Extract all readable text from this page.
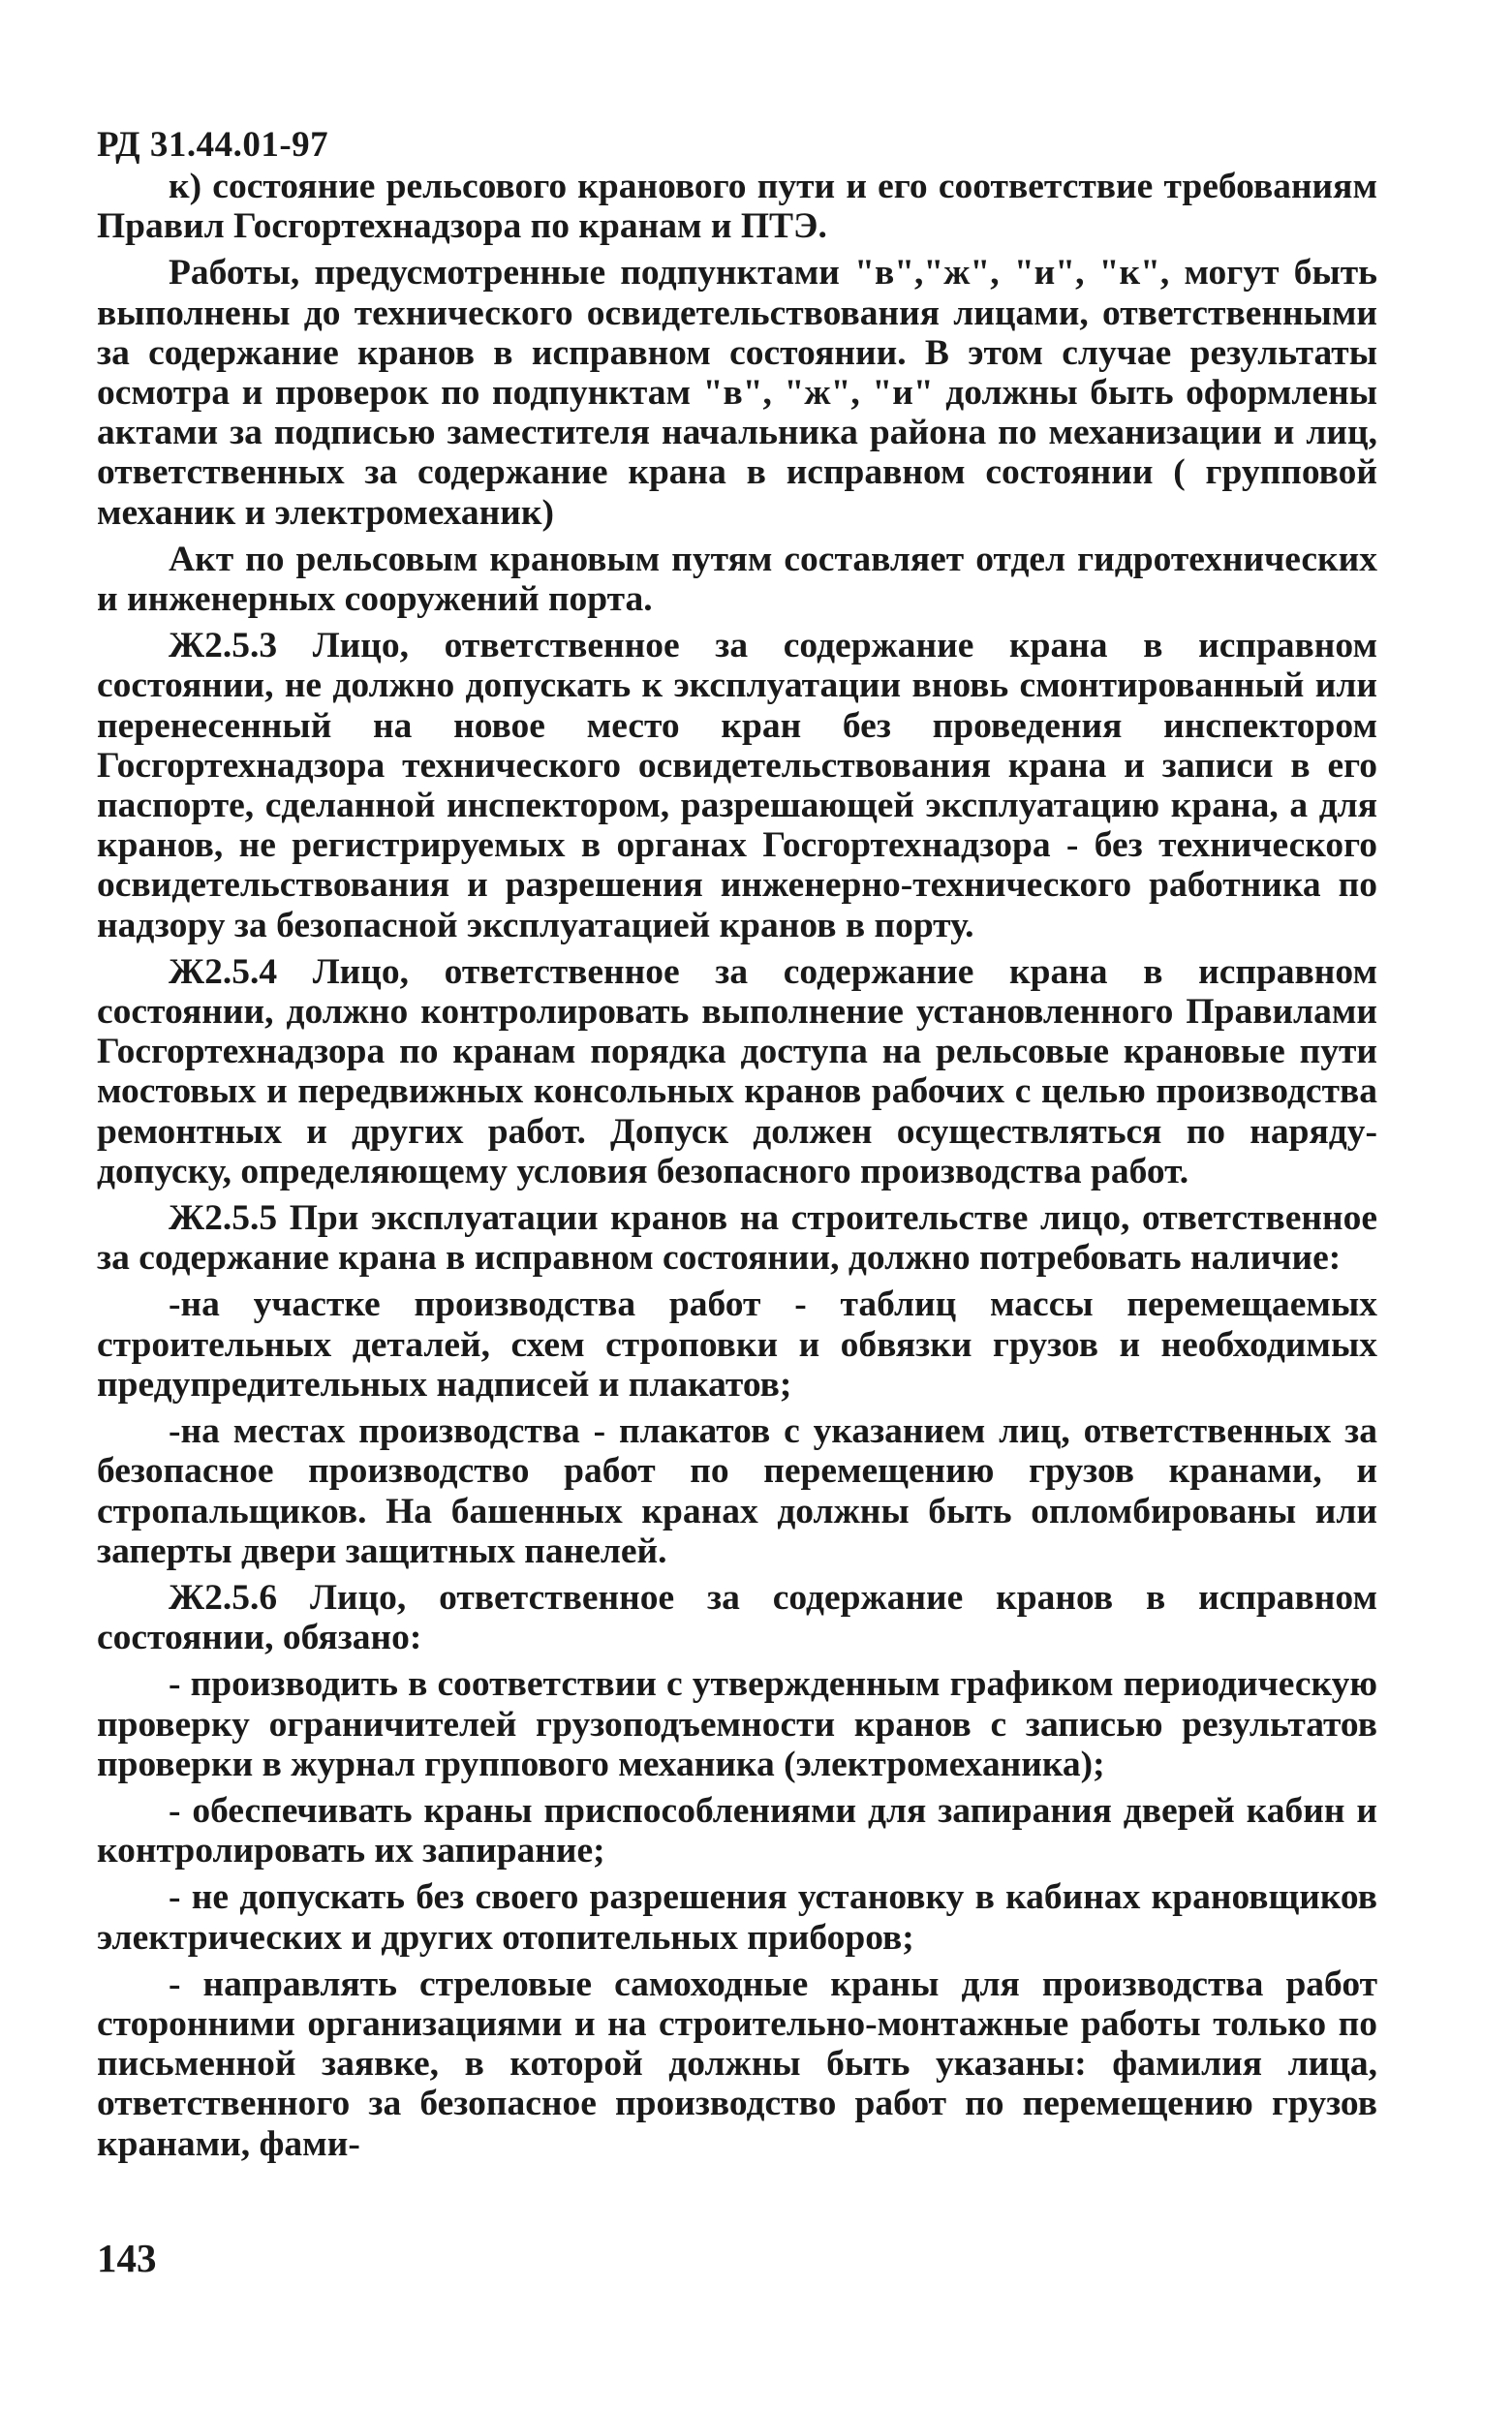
РД 31.44.01-97

к) состояние рельсового кранового пути и его соответствие требованиям Правил Госгортехнадзора по кранам и ПТЭ.

Работы, предусмотренные подпунктами "в","ж", "и", "к", могут быть выполнены до технического освидетельствования лицами, ответственными за содержание кранов в исправном состоянии. В этом случае результаты осмотра и проверок по подпунктам "в", "ж", "и" должны быть оформлены актами за подписью заместителя начальника района по механизации и лиц, ответственных за содержание крана в исправном состоянии ( групповой механик и электромеханик)

Акт по рельсовым крановым путям составляет отдел гидротехнических и инженерных сооружений порта.

Ж2.5.3 Лицо, ответственное за содержание крана в исправном состоянии, не должно допускать к эксплуатации вновь смонтированный или перенесенный на новое место кран без проведения инспектором Госгортехнадзора технического освидетельствования крана и записи в его паспорте, сделанной инспектором, разрешающей эксплуатацию крана, а для кранов, не регистрируемых в органах Госгортехнадзора - без технического освидетельствования и разрешения инженерно-технического работника по надзору за безопасной эксплуатацией кранов в порту.

Ж2.5.4 Лицо, ответственное за содержание крана в исправном состоянии, должно контролировать выполнение установленного Правилами Госгортехнадзора по кранам порядка доступа на рельсовые крановые пути мостовых и передвижных консольных кранов рабочих с целью производства ремонтных и других работ. Допуск должен осуществляться по наряду-допуску, определяющему условия безопасного производства работ.

Ж2.5.5 При эксплуатации кранов на строительстве лицо, ответственное за содержание крана в исправном состоянии, должно потребовать наличие:

-на участке производства работ - таблиц массы перемещаемых строительных деталей, схем строповки и обвязки грузов и необходимых предупредительных надписей и плакатов;

-на местах производства - плакатов с указанием лиц, ответственных за безопасное производство работ по перемещению грузов кранами, и стропальщиков. На башенных кранах должны быть опломбированы или заперты двери защитных панелей.

Ж2.5.6 Лицо, ответственное за содержание кранов в исправном состоянии, обязано:

- производить в соответствии с утвержденным графиком периодическую проверку ограничителей грузоподъемности кранов с записью результатов проверки в журнал группового механика (электромеханика);

- обеспечивать краны приспособлениями для запирания дверей кабин и контролировать их запирание;

- не допускать без своего разрешения установку в кабинах крановщиков электрических и других отопительных приборов;

- направлять стреловые самоходные краны для производства работ сторонними организациями и на строительно-монтажные работы только по письменной заявке, в которой должны быть указаны: фамилия лица, ответственного за безопасное производство работ по перемещению грузов кранами, фами-

143
